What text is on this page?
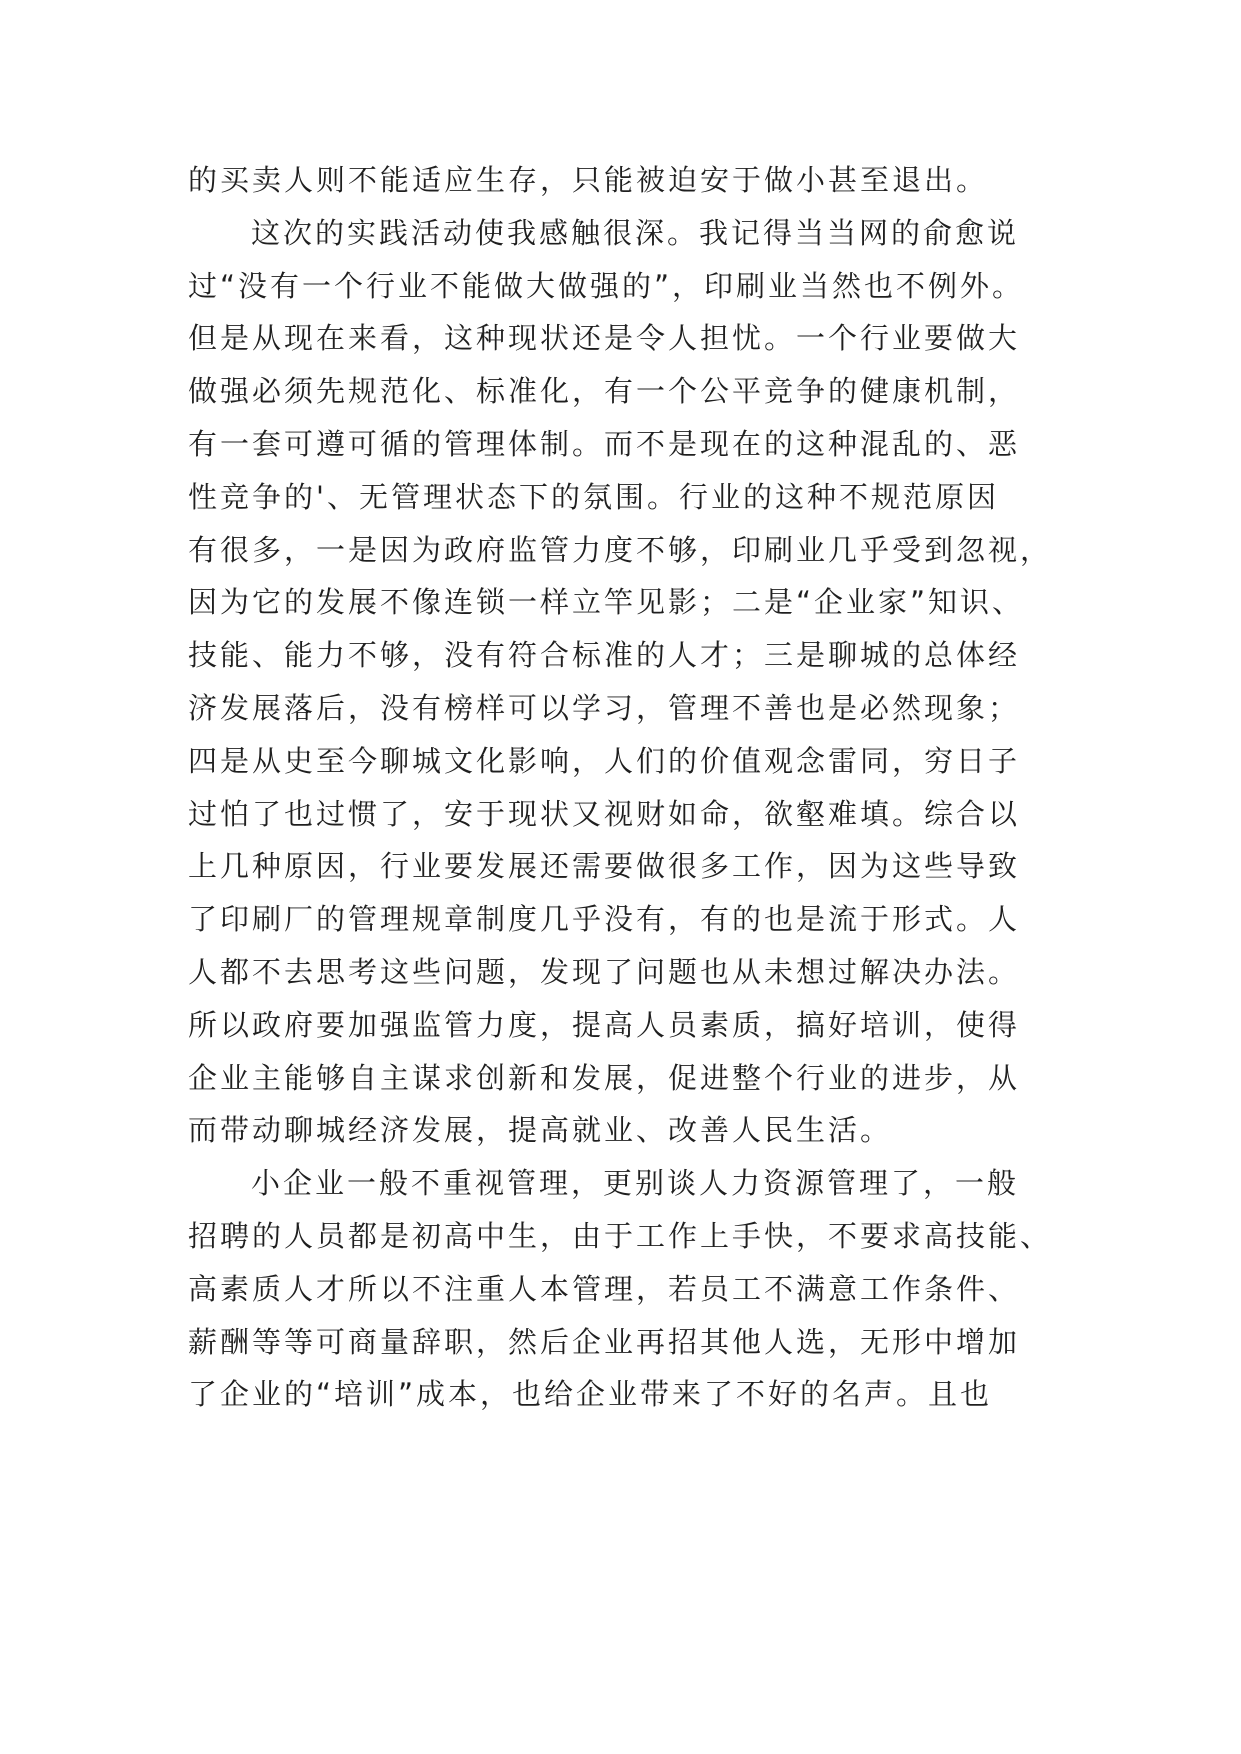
的买卖人则不能适应生存，只能被迫安于做小甚至退出。
这次的实践活动使我感触很深。我记得当当网的俞愈说
过“没有一个行业不能做大做强的”，印刷业当然也不例外。
但是从现在来看，这种现状还是令人担忧。一个行业要做大
做强必须先规范化、标准化，有一个公平竞争的健康机制，
有一套可遵可循的管理体制。而不是现在的这种混乱的、恶
性竞争的'、无管理状态下的氛围。行业的这种不规范原因
有很多，一是因为政府监管力度不够，印刷业几乎受到忽视，
因为它的发展不像连锁一样立竿见影；二是“企业家”知识、
技能、能力不够，没有符合标准的人才；三是聊城的总体经
济发展落后，没有榜样可以学习，管理不善也是必然现象；
四是从史至今聊城文化影响，人们的价值观念雷同，穷日子
过怕了也过惯了，安于现状又视财如命，欲壑难填。综合以
上几种原因，行业要发展还需要做很多工作，因为这些导致
了印刷厂的管理规章制度几乎没有，有的也是流于形式。人
人都不去思考这些问题，发现了问题也从未想过解决办法。
所以政府要加强监管力度，提高人员素质，搞好培训，使得
企业主能够自主谋求创新和发展，促进整个行业的进步，从
而带动聊城经济发展，提高就业、改善人民生活。
小企业一般不重视管理，更别谈人力资源管理了，一般
招聘的人员都是初高中生，由于工作上手快，不要求高技能、
高素质人才所以不注重人本管理，若员工不满意工作条件、
薪酬等等可商量辞职，然后企业再招其他人选，无形中增加
了企业的“培训”成本，也给企业带来了不好的名声。且也
